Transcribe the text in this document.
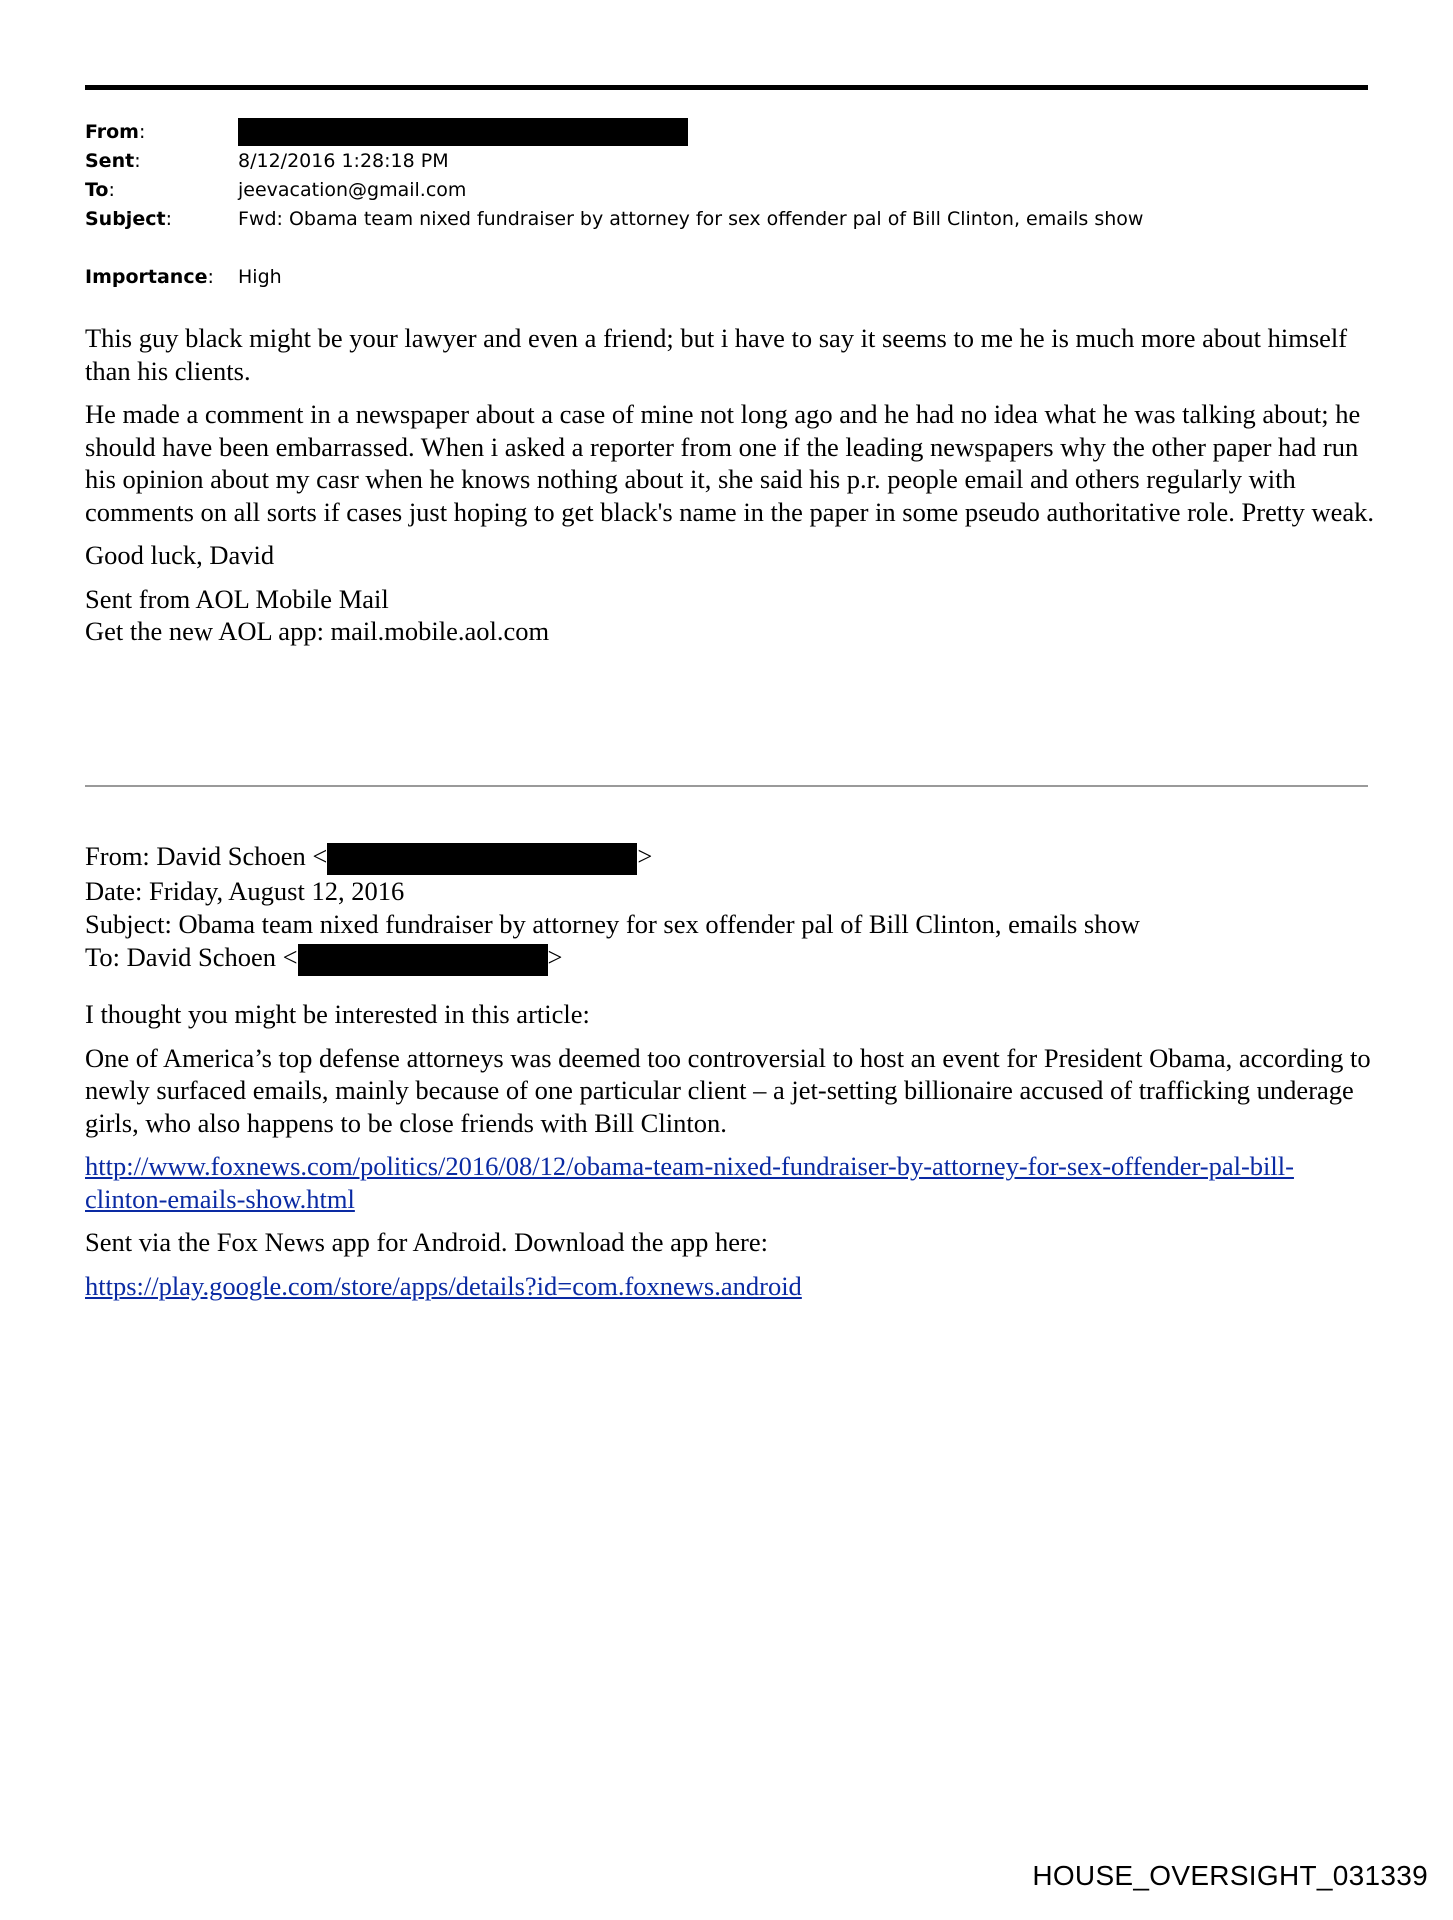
From:
Sent:	8/12/2016 1:28:18 PM
To:	jeevacation@gmail.com
Subject:	Fwd: Obama team nixed fundraiser by attorney for sex offender pal of Bill Clinton, emails show
Importance:	High

This guy black might be your lawyer and even a friend; but i have to say it seems to me he is much more about himself than his clients.

He made a comment in a newspaper about a case of mine not long ago and he had no idea what he was talking about; he should have been embarrassed. When i asked a reporter from one if the leading newspapers why the other paper had run his opinion about my casr when he knows nothing about it, she said his p.r. people email and others regularly with comments on all sorts if cases just hoping to get black's name in the paper in some pseudo authoritative role. Pretty weak.

Good luck, David

Sent from AOL Mobile Mail
Get the new AOL app: mail.mobile.aol.com

From: David Schoen <	>
Date: Friday, August 12, 2016
Subject: Obama team nixed fundraiser by attorney for sex offender pal of Bill Clinton, emails show
To: David Schoen <	>

I thought you might be interested in this article:

One of America’s top defense attorneys was deemed too controversial to host an event for President Obama, according to newly surfaced emails, mainly because of one particular client – a jet-setting billionaire accused of trafficking underage girls, who also happens to be close friends with Bill Clinton.

http://www.foxnews.com/politics/2016/08/12/obama-team-nixed-fundraiser-by-attorney-for-sex-offender-pal-bill-clinton-emails-show.html

Sent via the Fox News app for Android. Download the app here:

https://play.google.com/store/apps/details?id=com.foxnews.android

HOUSE_OVERSIGHT_031339
